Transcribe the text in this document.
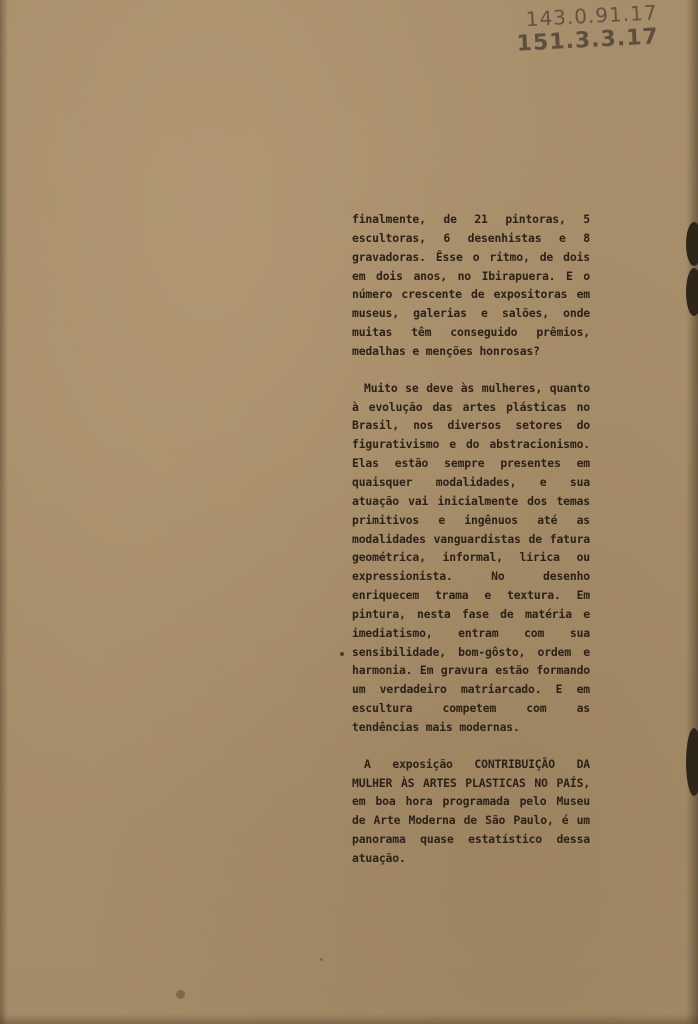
143.0.91.17
151.3.3.17

finalmente, de 21 pintoras, 5 escultoras, 6 desenhistas e 8 gravadoras. Êsse o ritmo, de dois em dois anos, no Ibirapuera. E o número crescente de expositoras em museus, galerias e salões, onde muitas têm conseguido prêmios, medalhas e menções honrosas?

Muito se deve às mulheres, quanto à evolução das artes plásticas no Brasil, nos diversos setores do figurativismo e do abstracionismo. Elas estão sempre presentes em quaisquer modalidades, e sua atuação vai inicialmente dos temas primitivos e ingênuos até as modalidades vanguardistas de fatura geométrica, informal, lírica ou expressionista. No desenho enriquecem trama e textura. Em pintura, nesta fase de matéria e imediatismo, entram com sua sensibilidade, bom-gôsto, ordem e harmonia. Em gravura estão formando um verdadeiro matriarcado. E em escultura competem com as tendências mais modernas.

A exposição CONTRIBUIÇÃO DA MULHER ÀS ARTES PLASTICAS NO PAÍS, em boa hora programada pelo Museu de Arte Moderna de São Paulo, é um panorama quase estatístico dessa atuação.
